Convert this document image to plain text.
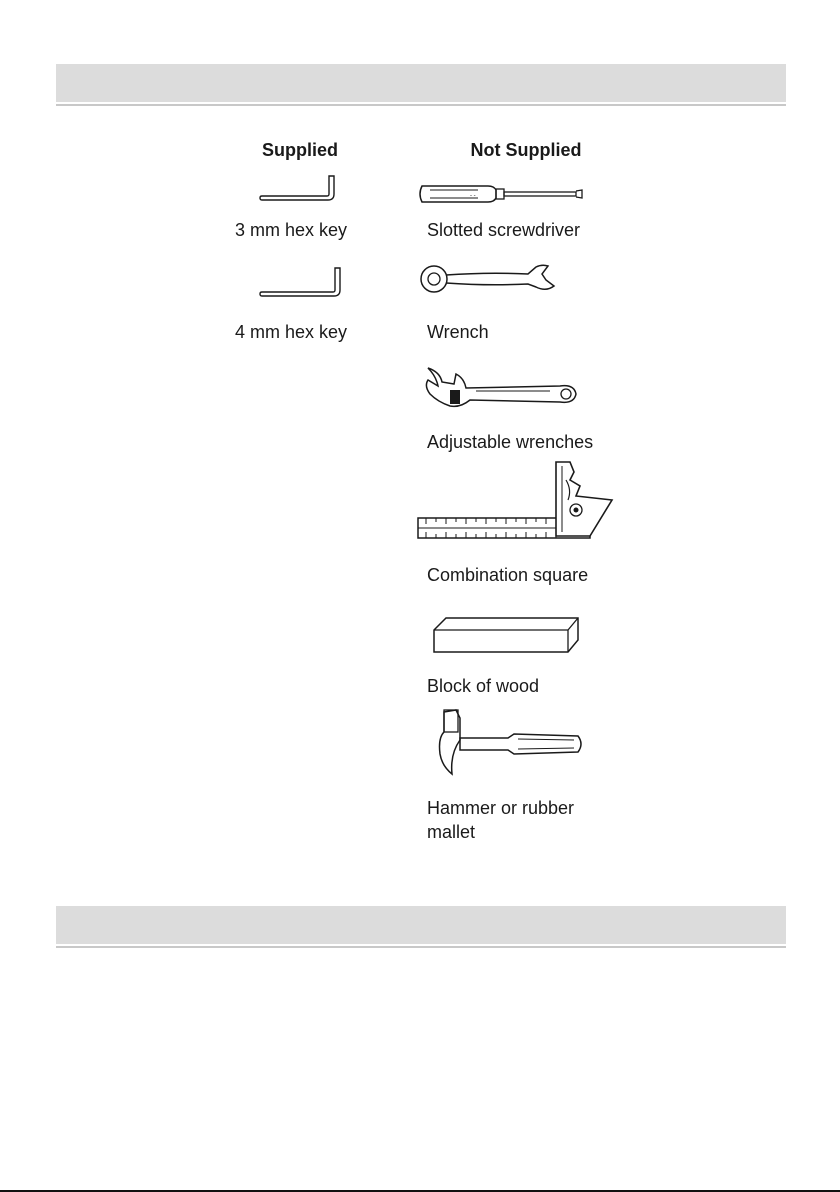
Supplied	Not Supplied
3 mm hex key
4 mm hex key
- -
Slotted screwdriver
Wrench
Adjustable wrenches
Combination square
Block of wood
Hammer or rubber
mallet
